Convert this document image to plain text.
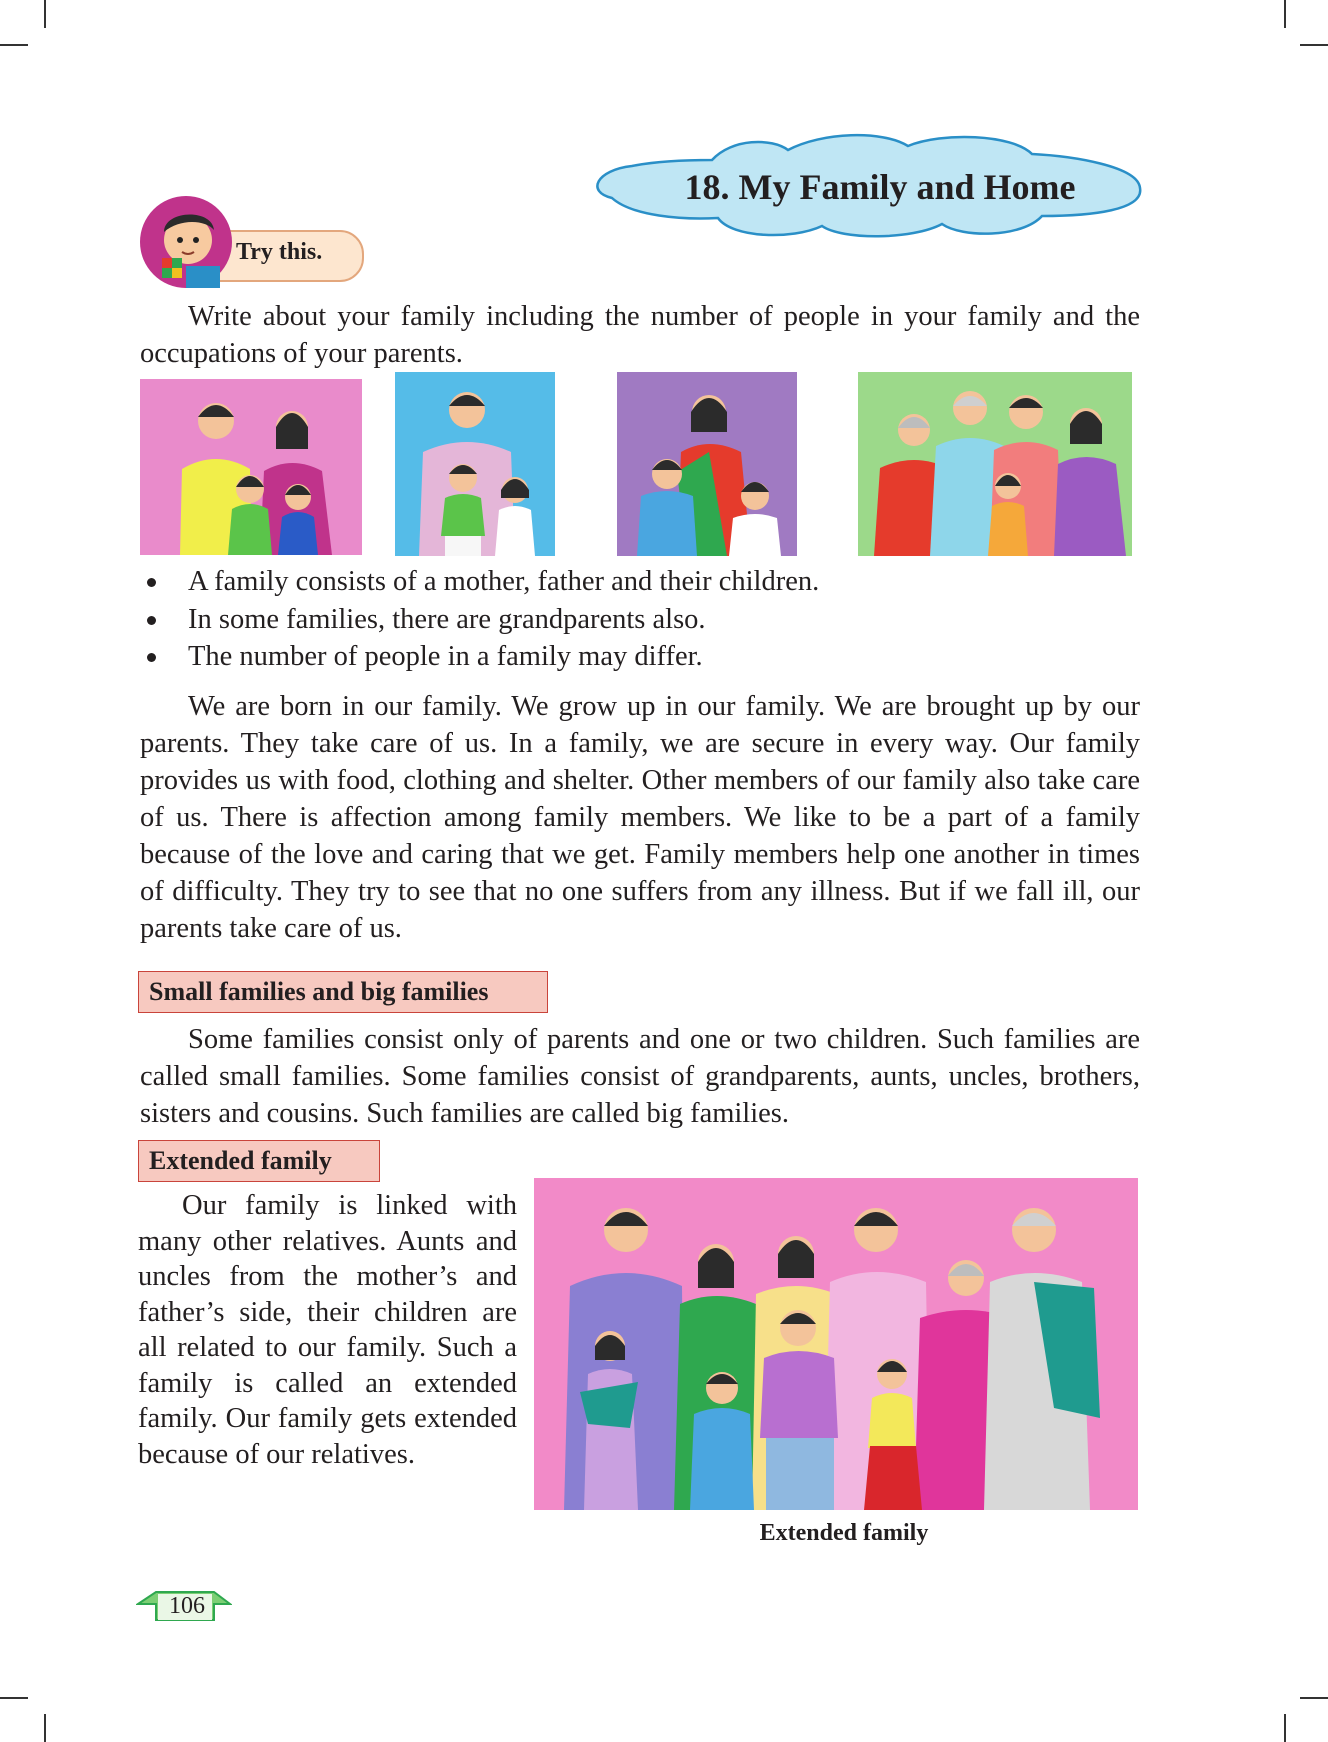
18. My Family and Home
Try this.
Write about your family including the number of people in your family and the occupations of your parents.
A family consists of a mother, father and their children.
In some families, there are grandparents also.
The number of people in a family may differ.
We are born in our family. We grow up in our family. We are brought up by our parents. They take care of us. In a family, we are secure in every way. Our family provides us with food, clothing and shelter. Other members of our family also take care of us. There is affection among family members. We like to be a part of a family because of the love and caring that we get. Family members help one another in times of difficulty. They try to see that no one suffers from any illness. But if we fall ill, our parents take care of us.
Small families and big families
Some families consist only of parents and one or two children. Such families are called small families. Some families consist of grandparents, aunts, uncles, brothers, sisters and cousins. Such families are called big families.
Extended family
Our family is linked with many other relatives. Aunts and uncles from the mother’s and father’s side, their children are all related to our family. Such a family is called an extended family. Our family gets extended because of our relatives.
Extended family
106
